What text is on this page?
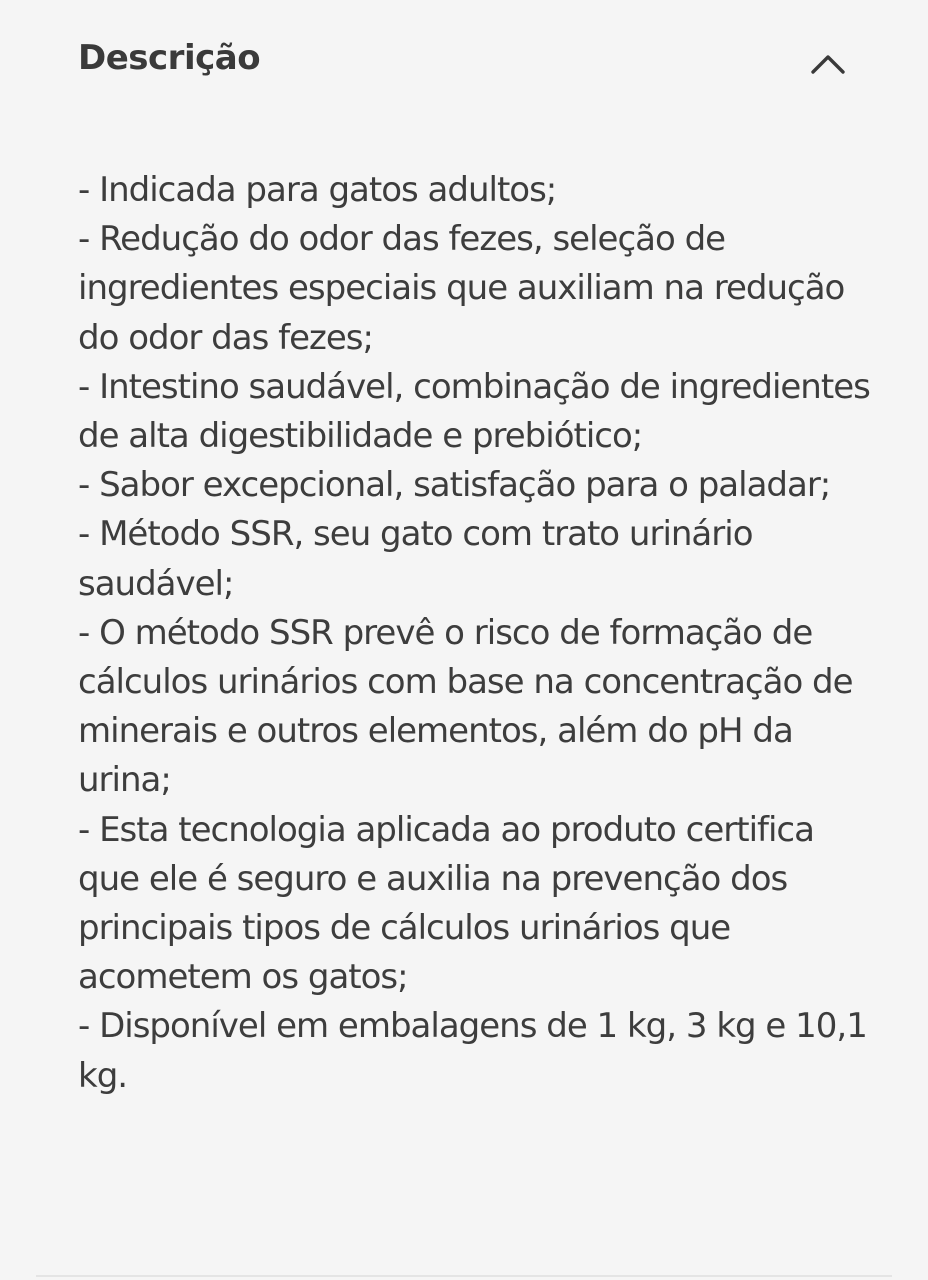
Descrição
- Indicada para gatos adultos;
- Redução do odor das fezes, seleção de ingredientes especiais que auxiliam na redução do odor das fezes;
- Intestino saudável, combinação de ingredientes de alta digestibilidade e prebiótico;
- Sabor excepcional, satisfação para o paladar;
- Método SSR, seu gato com trato urinário saudável;
- O método SSR prevê o risco de formação de cálculos urinários com base na concentração de minerais e outros elementos, além do pH da urina;
- Esta tecnologia aplicada ao produto certifica que ele é seguro e auxilia na prevenção dos principais tipos de cálculos urinários que acometem os gatos;
- Disponível em embalagens de 1 kg, 3 kg e 10,1 kg.
